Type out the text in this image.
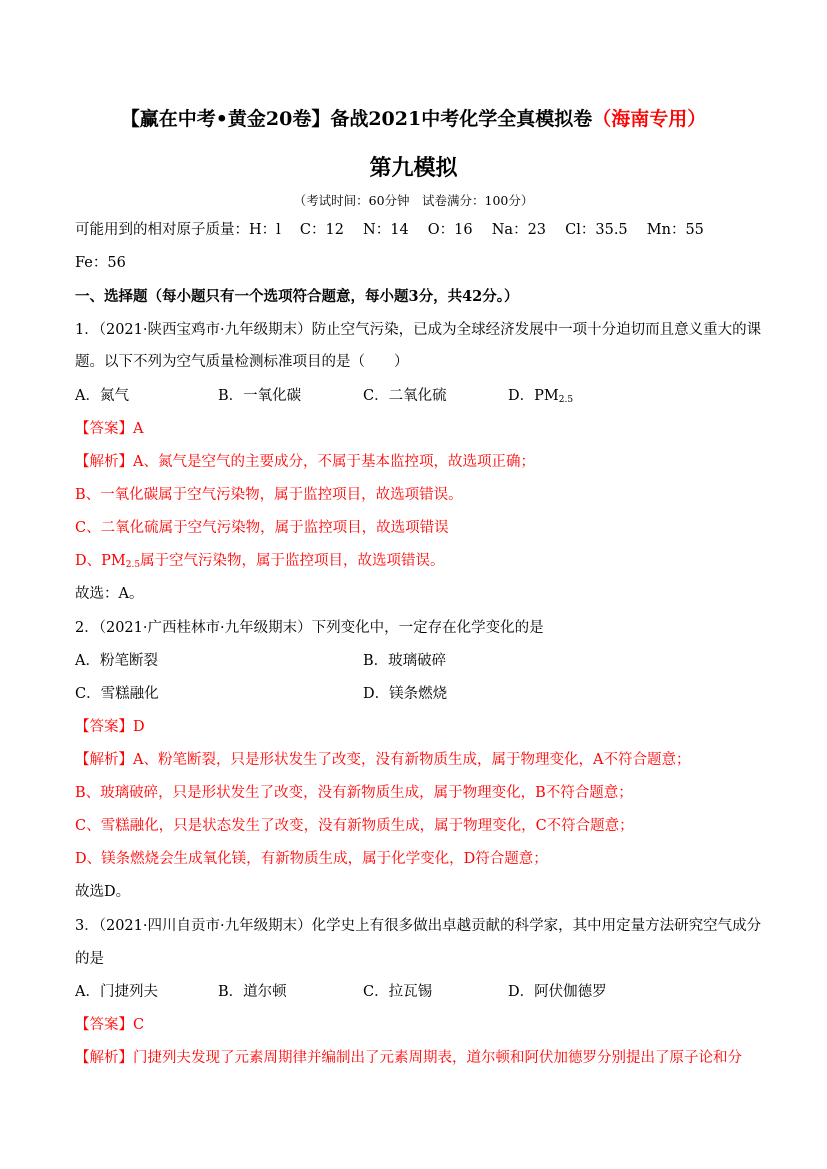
【赢在中考•黄金20卷】备战2021中考化学全真模拟卷（海南专用）
第九模拟
（考试时间：60分钟　试卷满分：100分）
可能用到的相对原子质量：H：l　 C：12　 N：14　 O：16　 Na：23　 Cl：35.5　 Mn：55
Fe：56
一、选择题（每小题只有一个选项符合题意，每小题3分，共42分。）
1．（2021·陕西宝鸡市·九年级期末）防止空气污染，已成为全球经济发展中一项十分迫切而且意义重大的课
题。以下不列为空气质量检测标准项目的是（　　）
A．氮气	B．一氧化碳	C．二氧化硫	D．$PM_{2.5}$
【答案】A
【解析】A、氮气是空气的主要成分，不属于基本监控项，故选项正确；
B、一氧化碳属于空气污染物，属于监控项目，故选项错误。
C、二氧化硫属于空气污染物，属于监控项目，故选项错误
D、$PM_{2.5}$属于空气污染物，属于监控项目，故选项错误。
故选：A。
2．（2021·广西桂林市·九年级期末）下列变化中，一定存在化学变化的是
A．粉笔断裂	B．玻璃破碎
C．雪糕融化	D．镁条燃烧
【答案】D
【解析】A、粉笔断裂，只是形状发生了改变，没有新物质生成，属于物理变化，A不符合题意；
B、玻璃破碎，只是形状发生了改变，没有新物质生成，属于物理变化，B不符合题意；
C、雪糕融化，只是状态发生了改变，没有新物质生成，属于物理变化，C不符合题意；
D、镁条燃烧会生成氧化镁，有新物质生成，属于化学变化，D符合题意；
故选D。
3．（2021·四川自贡市·九年级期末）化学史上有很多做出卓越贡献的科学家，其中用定量方法研究空气成分
的是
A．门捷列夫	B．道尔顿	C．拉瓦锡	D．阿伏伽德罗
【答案】C
【解析】门捷列夫发现了元素周期律并编制出了元素周期表，道尔顿和阿伏加德罗分别提出了原子论和分
